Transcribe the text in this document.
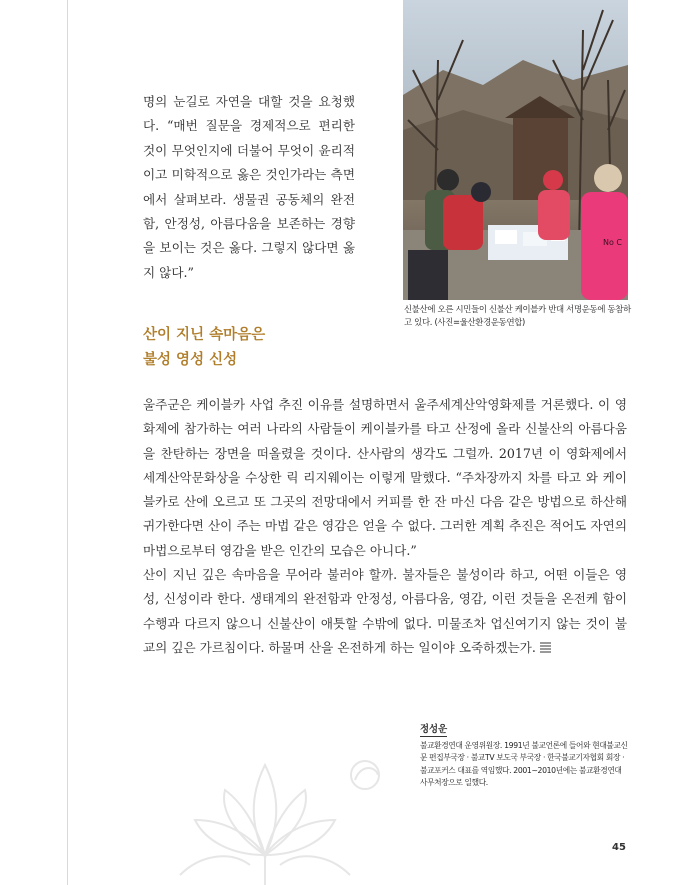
명의 눈길로 자연을 대할 것을 요청했다. “매번 질문을 경제적으로 편리한 것이 무엇인지에 더불어 무엇이 윤리적이고 미학적으로 옳은 것인가라는 측면에서 살펴보라. 생물권 공동체의 완전함, 안정성, 아름다움을 보존하는 경향을 보이는 것은 옳다. 그렇지 않다면 옳지 않다.”

No C

신불산에 오른 시민들이 신불산 케이블카 반대 서명운동에 동참하고 있다. (사진=울산환경운동연합)

산이 지닌 속마음은
불성 영성 신성

울주군은 케이블카 사업 추진 이유를 설명하면서 울주세계산악영화제를 거론했다. 이 영화제에 참가하는 여러 나라의 사람들이 케이블카를 타고 산정에 올라 신불산의 아름다움을 찬탄하는 장면을 떠올렸을 것이다. 산사람의 생각도 그럴까. 2017년 이 영화제에서 세계산악문화상을 수상한 릭 리지웨이는 이렇게 말했다. “주차장까지 차를 타고 와 케이블카로 산에 오르고 또 그곳의 전망대에서 커피를 한 잔 마신 다음 같은 방법으로 하산해 귀가한다면 산이 주는 마법 같은 영감은 얻을 수 없다. 그러한 계획 추진은 적어도 자연의 마법으로부터 영감을 받은 인간의 모습은 아니다.”

산이 지닌 깊은 속마음을 무어라 불러야 할까. 불자들은 불성이라 하고, 어떤 이들은 영성, 신성이라 한다. 생태계의 완전함과 안정성, 아름다움, 영감, 이런 것들을 온전케 함이 수행과 다르지 않으니 신불산이 애틋할 수밖에 없다. 미물조차 업신여기지 않는 것이 불교의 깊은 가르침이다. 하물며 산을 온전하게 하는 일이야 오죽하겠는가.

정성운

불교환경연대 운영위원장. 1991년 불교언론에 들어와 현대불교신문 편집부국장 · 불교TV 보도국 부국장 · 한국불교기자협회 회장 · 불교포커스 대표를 역임했다. 2001~2010년에는 불교환경연대 사무처장으로 일했다.

45
